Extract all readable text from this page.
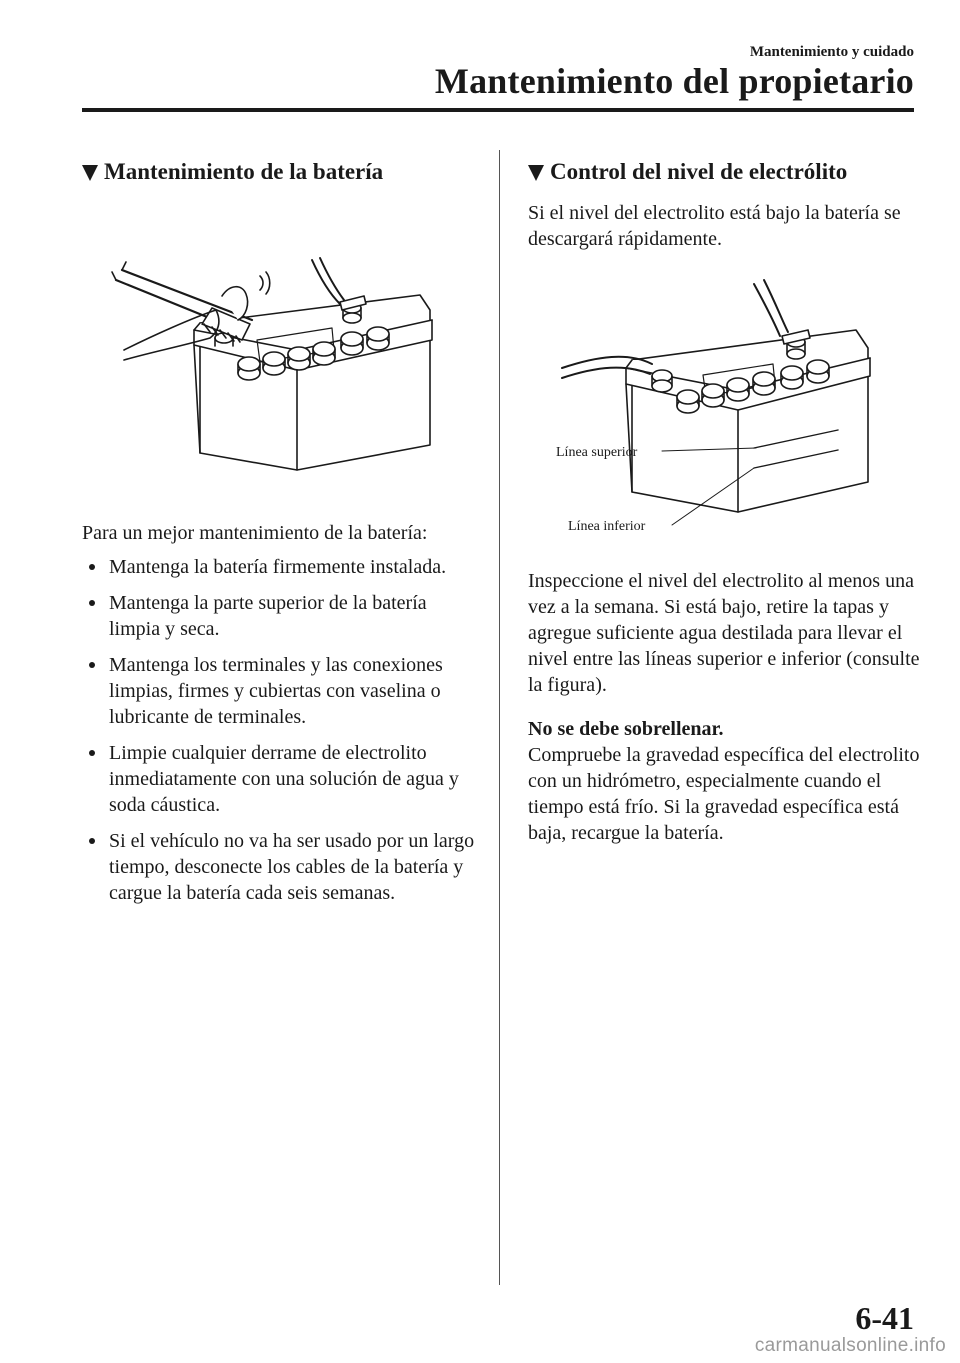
Mantenimiento y cuidado
Mantenimiento del propietario
Mantenimiento de la batería

Para un mejor mantenimiento de la batería:

Mantenga la batería firmemente instalada.
Mantenga la parte superior de la batería limpia y seca.
Mantenga los terminales y las conexiones limpias, firmes y cubiertas con vaselina o lubricante de terminales.
Limpie cualquier derrame de electrolito inmediatamente con una solución de agua y soda cáustica.
Si el vehículo no va ha ser usado por un largo tiempo, desconecte los cables de la batería y cargue la batería cada seis semanas.
Control del nivel de electrólito

Si el nivel del electrolito está bajo la batería se descargará rápidamente.

Línea superior
Línea inferior

Inspeccione el nivel del electrolito al menos una vez a la semana. Si está bajo, retire la tapas y agregue suficiente agua destilada para llevar el nivel entre las líneas superior e inferior (consulte la figura).

No se debe sobrellenar.

Compruebe la gravedad específica del electrolito con un hidrómetro, especialmente cuando el tiempo está frío. Si la gravedad específica está baja, recargue la batería.

6-41
carmanualsonline.info
